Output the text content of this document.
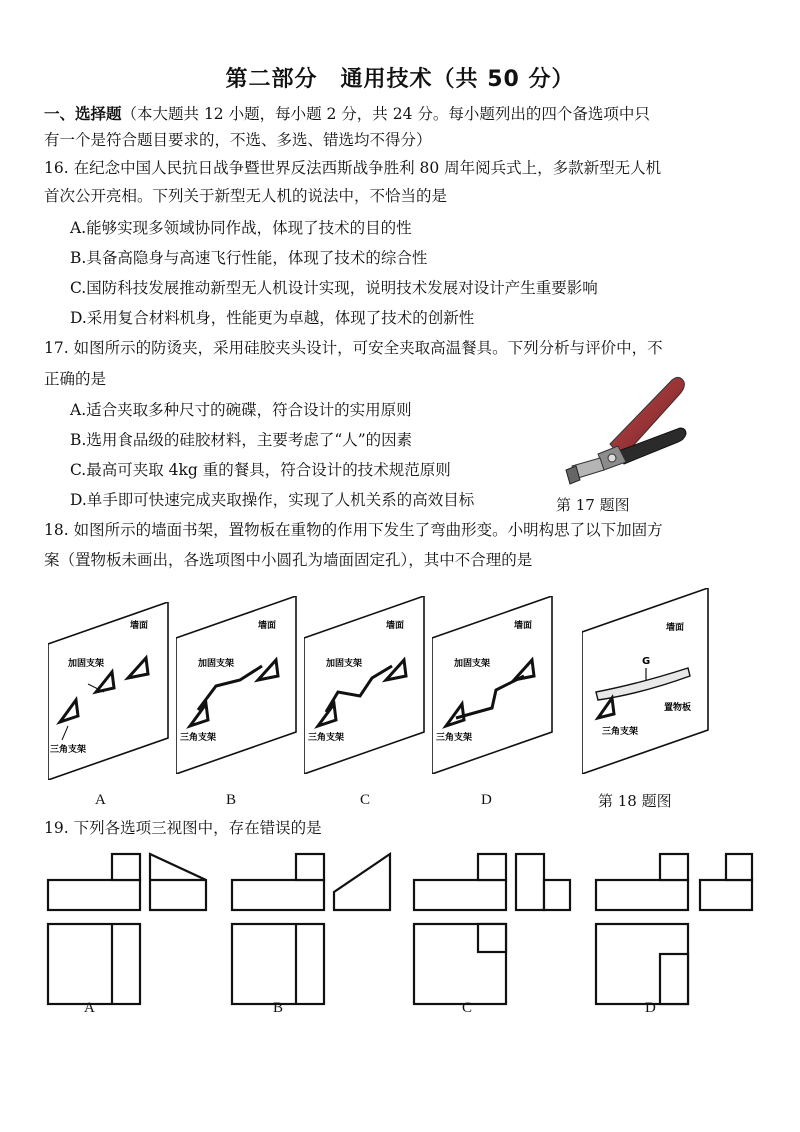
第二部分　通用技术（共 50 分）
一、选择题（本大题共 12 小题，每小题 2 分，共 24 分。每小题列出的四个备选项中只
有一个是符合题目要求的，不选、多选、错选均不得分）
16. 在纪念中国人民抗日战争暨世界反法西斯战争胜利 80 周年阅兵式上，多款新型无人机
首次公开亮相。下列关于新型无人机的说法中，不恰当的是
A.能够实现多领域协同作战，体现了技术的目的性
B.具备高隐身与高速飞行性能，体现了技术的综合性
C.国防科技发展推动新型无人机设计实现，说明技术发展对设计产生重要影响
D.采用复合材料机身，性能更为卓越，体现了技术的创新性
17. 如图所示的防烫夹，采用硅胶夹头设计，可安全夹取高温餐具。下列分析与评价中，不
正确的是
A.适合夹取多种尺寸的碗碟，符合设计的实用原则
B.选用食品级的硅胶材料，主要考虑了“人”的因素
C.最高可夹取 4kg 重的餐具，符合设计的技术规范原则
D.单手即可快速完成夹取操作，实现了人机关系的高效目标	第 17 题图
18. 如图所示的墙面书架，置物板在重物的作用下发生了弯曲形变。小明构思了以下加固方
案（置物板未画出，各选项图中小圆孔为墙面固定孔），其中不合理的是
墙面
加固支架
三角支架
墙面
加固支架
三角支架
墙面
加固支架
三角支架
墙面
加固支架
三角支架
墙面
G
置物板
三角支架
A	B	C	D	第 18 题图
19. 下列各选项三视图中，存在错误的是
A	B	C	D
